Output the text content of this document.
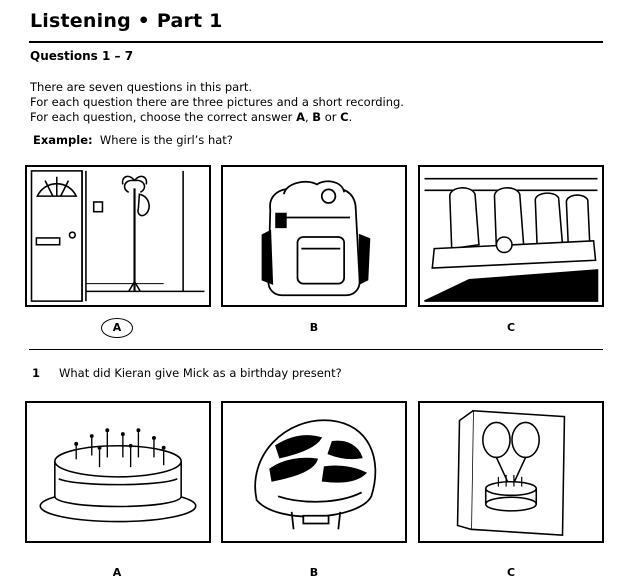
Listening • Part 1
Questions 1 – 7
There are seven questions in this part.
For each question there are three pictures and a short recording.
For each question, choose the correct answer A, B or C.
Example: Where is the girl’s hat?
A	B	C
1 What did Kieran give Mick as a birthday present?
A	B	C
